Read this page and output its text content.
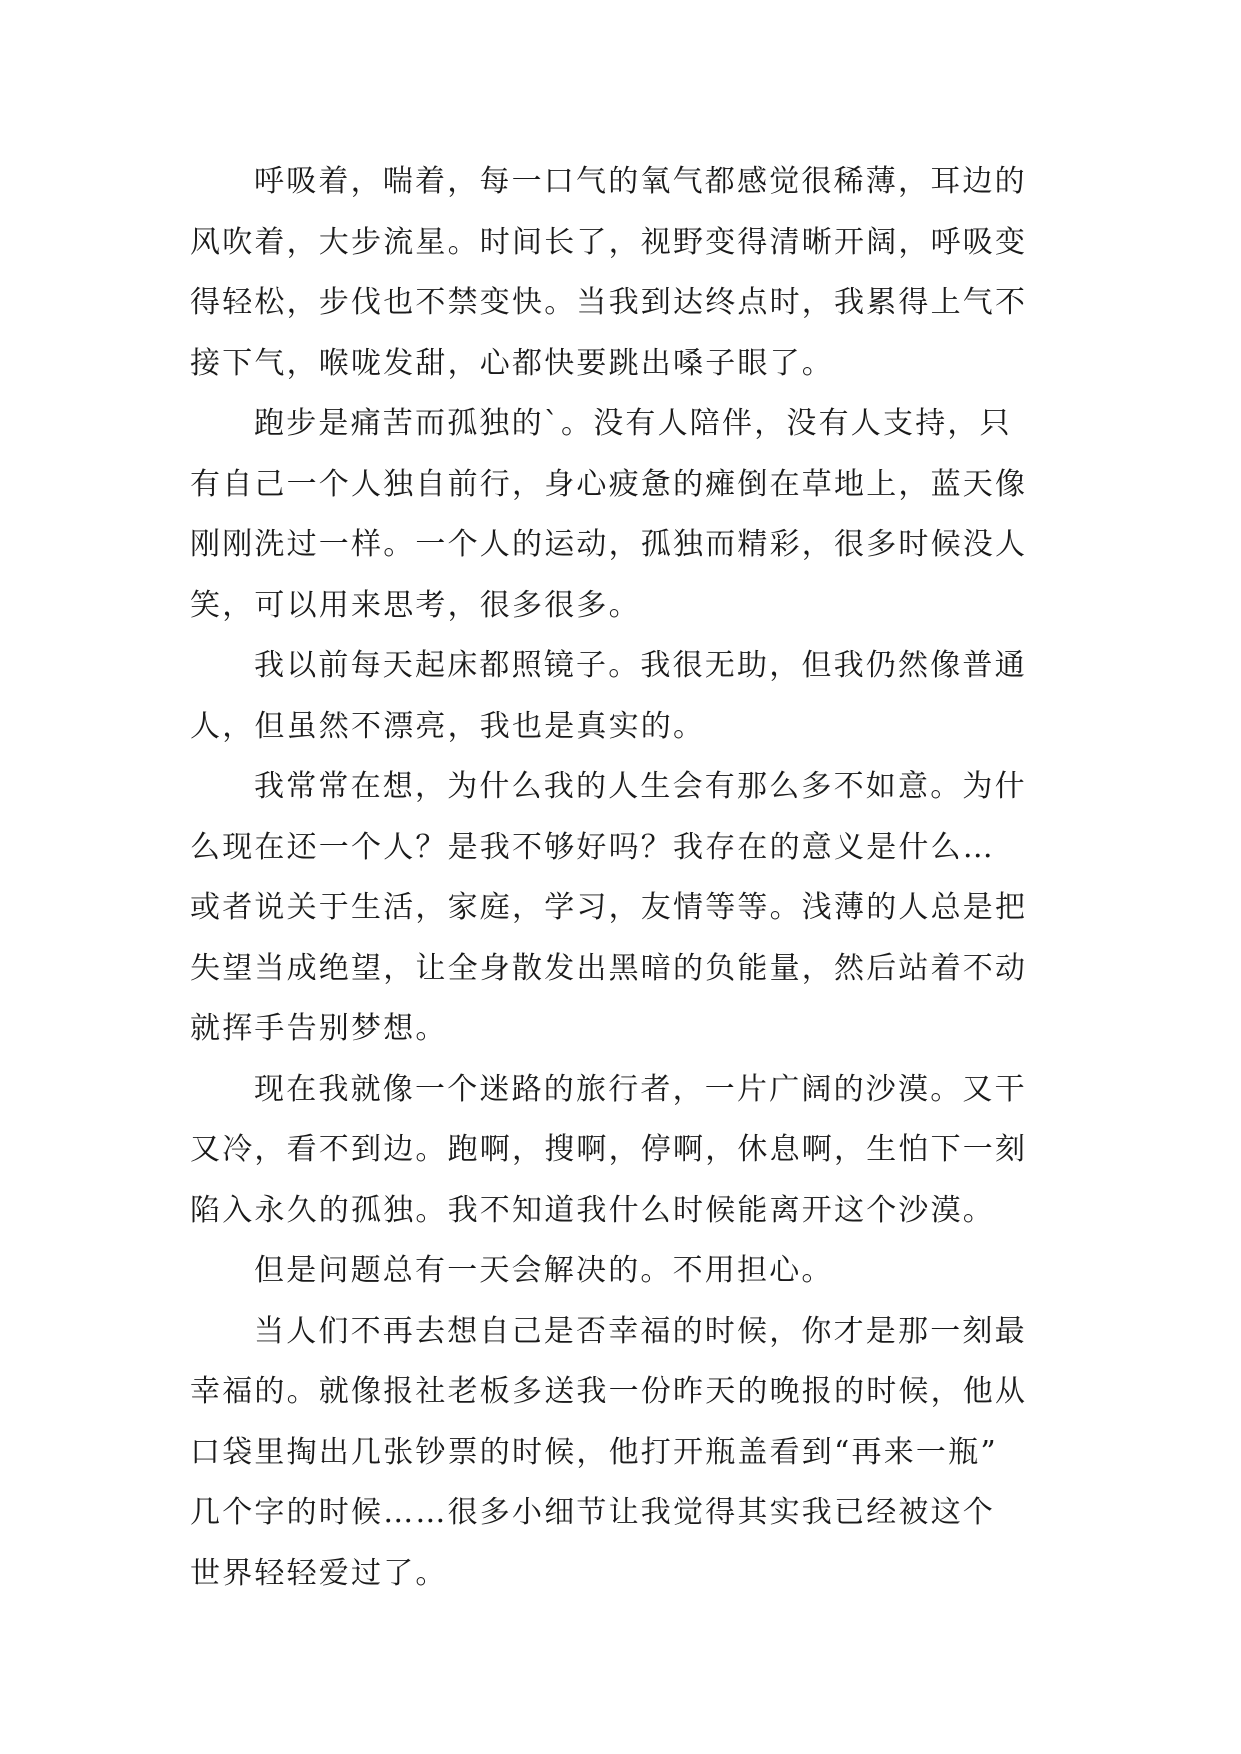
呼吸着，喘着，每一口气的氧气都感觉很稀薄，耳边的
风吹着，大步流星。时间长了，视野变得清晰开阔，呼吸变
得轻松，步伐也不禁变快。当我到达终点时，我累得上气不
接下气，喉咙发甜，心都快要跳出嗓子眼了。
跑步是痛苦而孤独的`。没有人陪伴，没有人支持，只
有自己一个人独自前行，身心疲惫的瘫倒在草地上，蓝天像
刚刚洗过一样。一个人的运动，孤独而精彩，很多时候没人
笑，可以用来思考，很多很多。
我以前每天起床都照镜子。我很无助，但我仍然像普通
人，但虽然不漂亮，我也是真实的。
我常常在想，为什么我的人生会有那么多不如意。为什
么现在还一个人？是我不够好吗？我存在的意义是什么…
或者说关于生活，家庭，学习，友情等等。浅薄的人总是把
失望当成绝望，让全身散发出黑暗的负能量，然后站着不动
就挥手告别梦想。
现在我就像一个迷路的旅行者，一片广阔的沙漠。又干
又冷，看不到边。跑啊，搜啊，停啊，休息啊，生怕下一刻
陷入永久的孤独。我不知道我什么时候能离开这个沙漠。
但是问题总有一天会解决的。不用担心。
当人们不再去想自己是否幸福的时候，你才是那一刻最
幸福的。就像报社老板多送我一份昨天的晚报的时候，他从
口袋里掏出几张钞票的时候，他打开瓶盖看到“再来一瓶”
几个字的时候……很多小细节让我觉得其实我已经被这个
世界轻轻爱过了。
